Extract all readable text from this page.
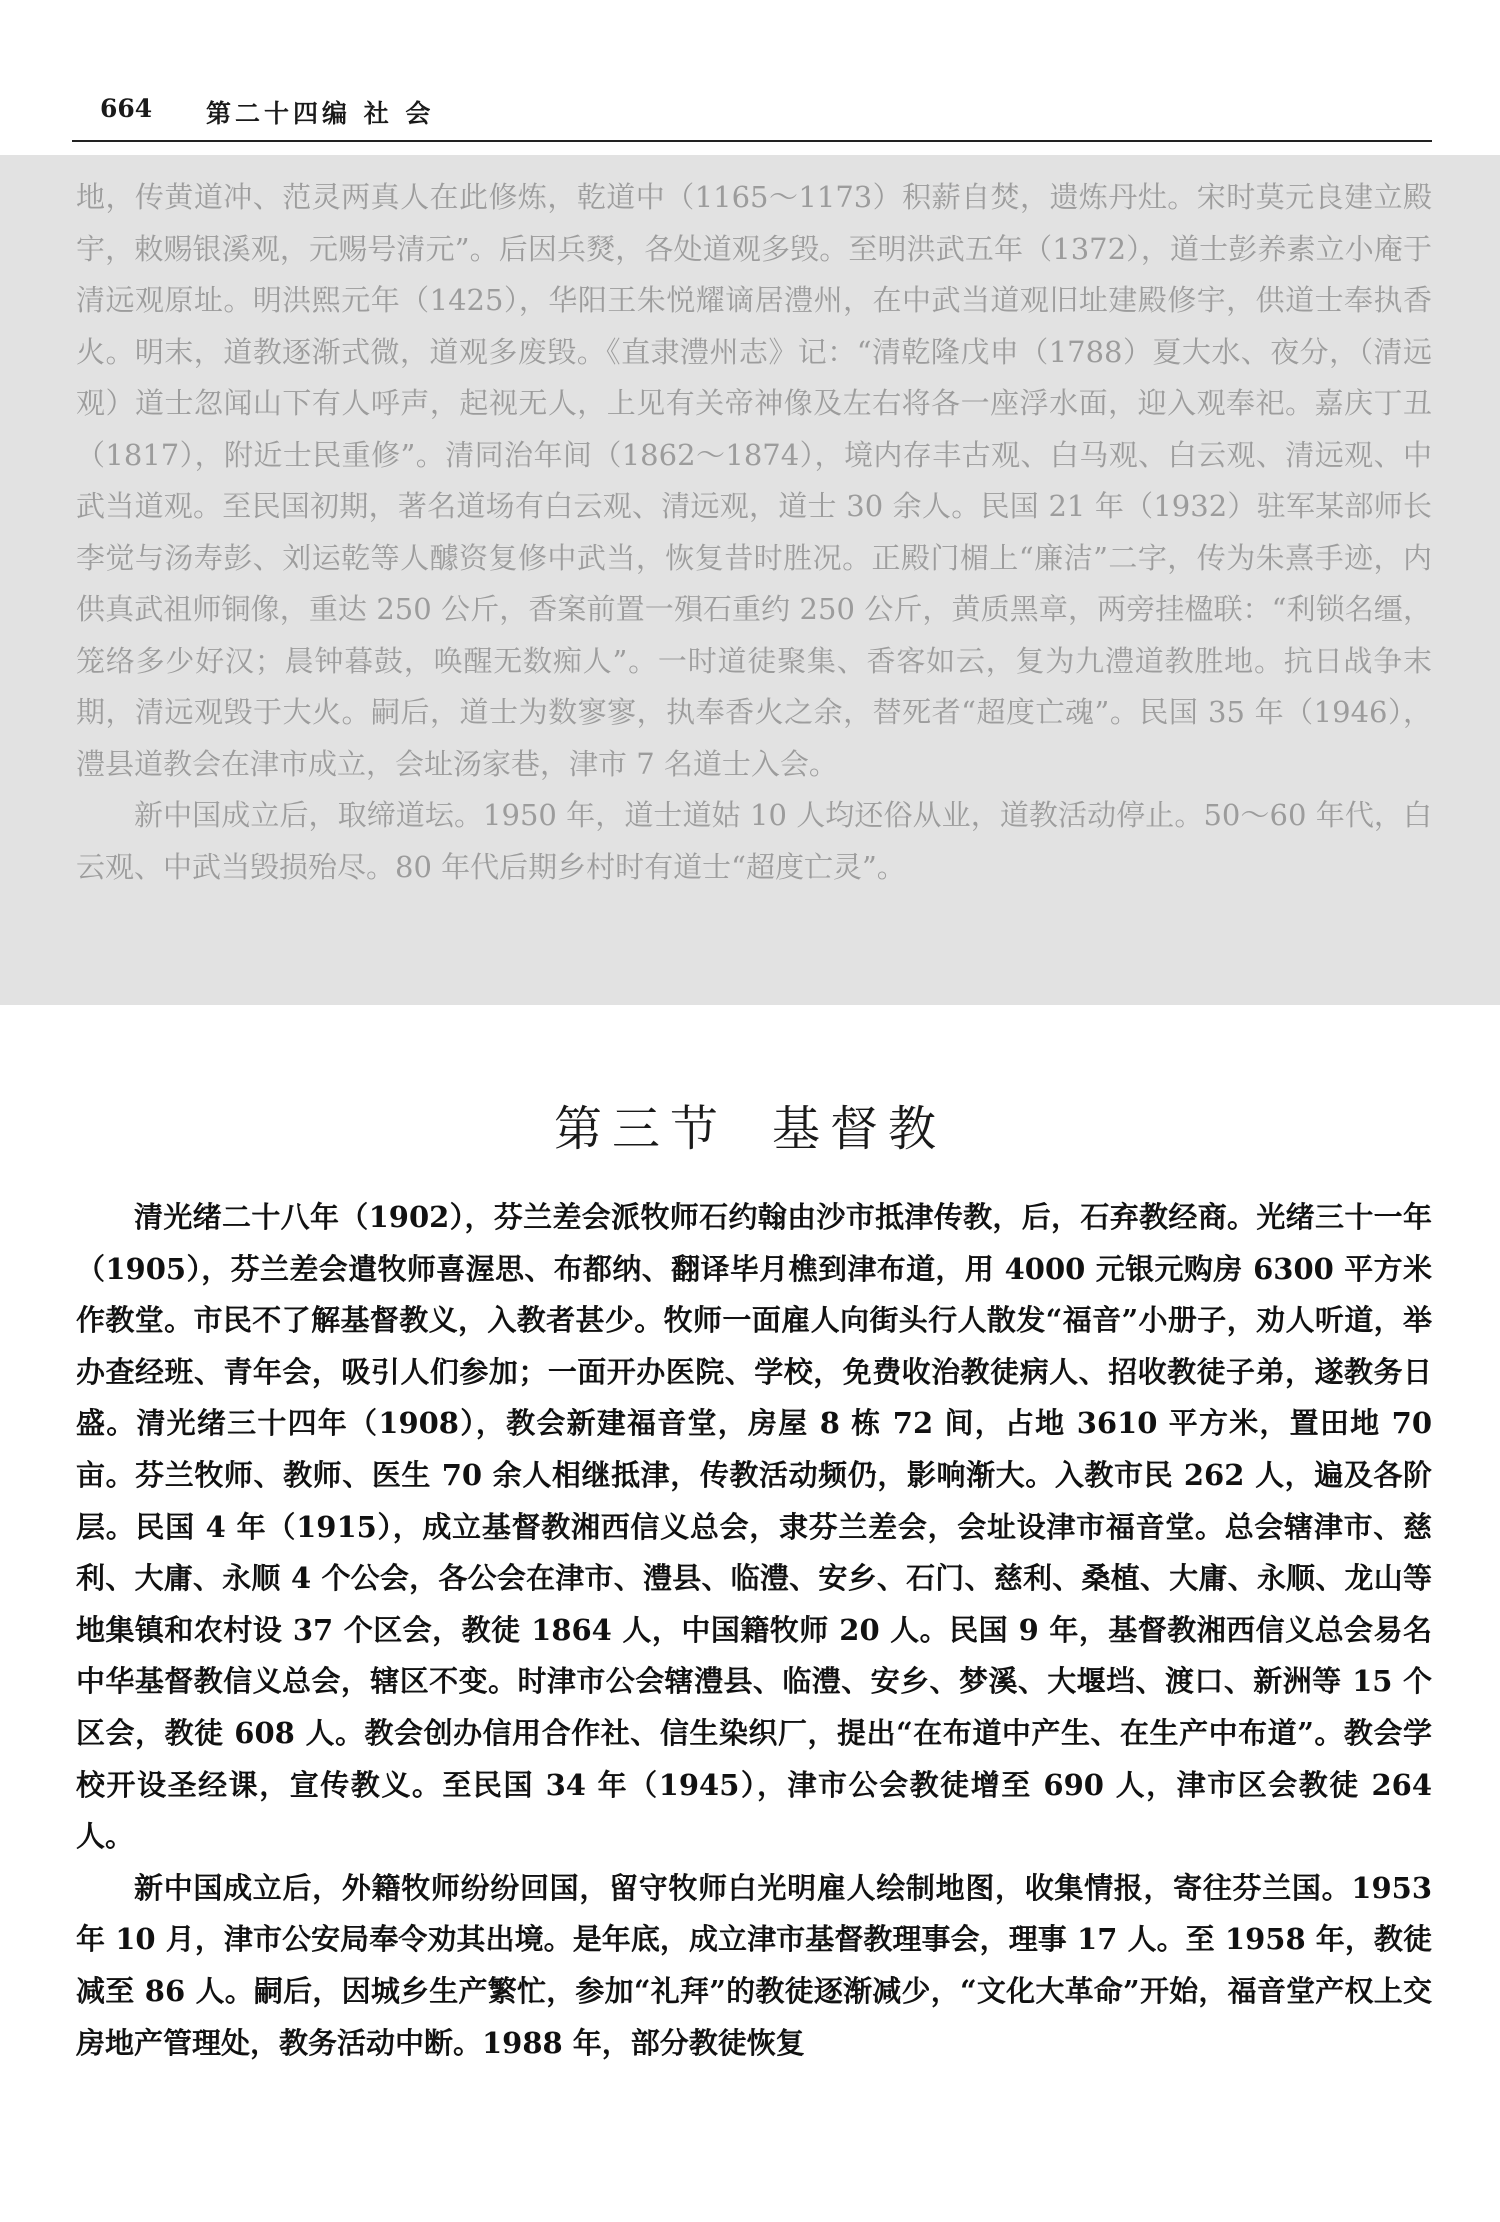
664 第二十四编 社 会

地，传黄道冲、范灵两真人在此修炼，乾道中（1165～1173）积薪自焚，遗炼丹灶。宋时莫元良建立殿宇，敕赐银溪观，元赐号清元”。后因兵燹，各处道观多毁。至明洪武五年（1372），道士彭养素立小庵于清远观原址。明洪熙元年（1425），华阳王朱悦耀谪居澧州，在中武当道观旧址建殿修宇，供道士奉执香火。明末，道教逐渐式微，道观多废毁。《直隶澧州志》记：“清乾隆戊申（1788）夏大水、夜分，（清远观）道士忽闻山下有人呼声，起视无人，上见有关帝神像及左右将各一座浮水面，迎入观奉祀。嘉庆丁丑（1817），附近士民重修”。清同治年间（1862～1874），境内存丰古观、白马观、白云观、清远观、中武当道观。至民国初期，著名道场有白云观、清远观，道士 30 余人。民国 21 年（1932）驻军某部师长李觉与汤寿彭、刘运乾等人醵资复修中武当，恢复昔时胜况。正殿门楣上“廉洁”二字，传为朱熹手迹，内供真武祖师铜像，重达 250 公斤，香案前置一殞石重约 250 公斤，黄质黑章，两旁挂楹联：“利锁名缰，笼络多少好汉；晨钟暮鼓，唤醒无数痴人”。一时道徒聚集、香客如云，复为九澧道教胜地。抗日战争末期，清远观毁于大火。嗣后，道士为数寥寥，执奉香火之余，替死者“超度亡魂”。民国 35 年（1946），澧县道教会在津市成立，会址汤家巷，津市 7 名道士入会。

新中国成立后，取缔道坛。1950 年，道士道姑 10 人均还俗从业，道教活动停止。50～60 年代，白云观、中武当毁损殆尽。80 年代后期乡村时有道士“超度亡灵”。

第三节 基督教

清光绪二十八年（1902），芬兰差会派牧师石约翰由沙市抵津传教，后，石弃教经商。光绪三十一年（1905），芬兰差会遣牧师喜渥思、布都纳、翻译毕月樵到津布道，用 4000 元银元购房 6300 平方米作教堂。市民不了解基督教义，入教者甚少。牧师一面雇人向街头行人散发“福音”小册子，劝人听道，举办查经班、青年会，吸引人们参加；一面开办医院、学校，免费收治教徒病人、招收教徒子弟，遂教务日盛。清光绪三十四年（1908），教会新建福音堂，房屋 8 栋 72 间，占地 3610 平方米，置田地 70 亩。芬兰牧师、教师、医生 70 余人相继抵津，传教活动频仍，影响渐大。入教市民 262 人，遍及各阶层。民国 4 年（1915），成立基督教湘西信义总会，隶芬兰差会，会址设津市福音堂。总会辖津市、慈利、大庸、永顺 4 个公会，各公会在津市、澧县、临澧、安乡、石门、慈利、桑植、大庸、永顺、龙山等地集镇和农村设 37 个区会，教徒 1864 人，中国籍牧师 20 人。民国 9 年，基督教湘西信义总会易名中华基督教信义总会，辖区不变。时津市公会辖澧县、临澧、安乡、梦溪、大堰垱、渡口、新洲等 15 个区会，教徒 608 人。教会创办信用合作社、信生染织厂，提出“在布道中产生、在生产中布道”。教会学校开设圣经课，宣传教义。至民国 34 年（1945），津市公会教徒增至 690 人，津市区会教徒 264 人。

新中国成立后，外籍牧师纷纷回国，留守牧师白光明雇人绘制地图，收集情报，寄往芬兰国。1953 年 10 月，津市公安局奉令劝其出境。是年底，成立津市基督教理事会，理事 17 人。至 1958 年，教徒减至 86 人。嗣后，因城乡生产繁忙，参加“礼拜”的教徒逐渐减少，“文化大革命”开始，福音堂产权上交房地产管理处，教务活动中断。1988 年，部分教徒恢复
